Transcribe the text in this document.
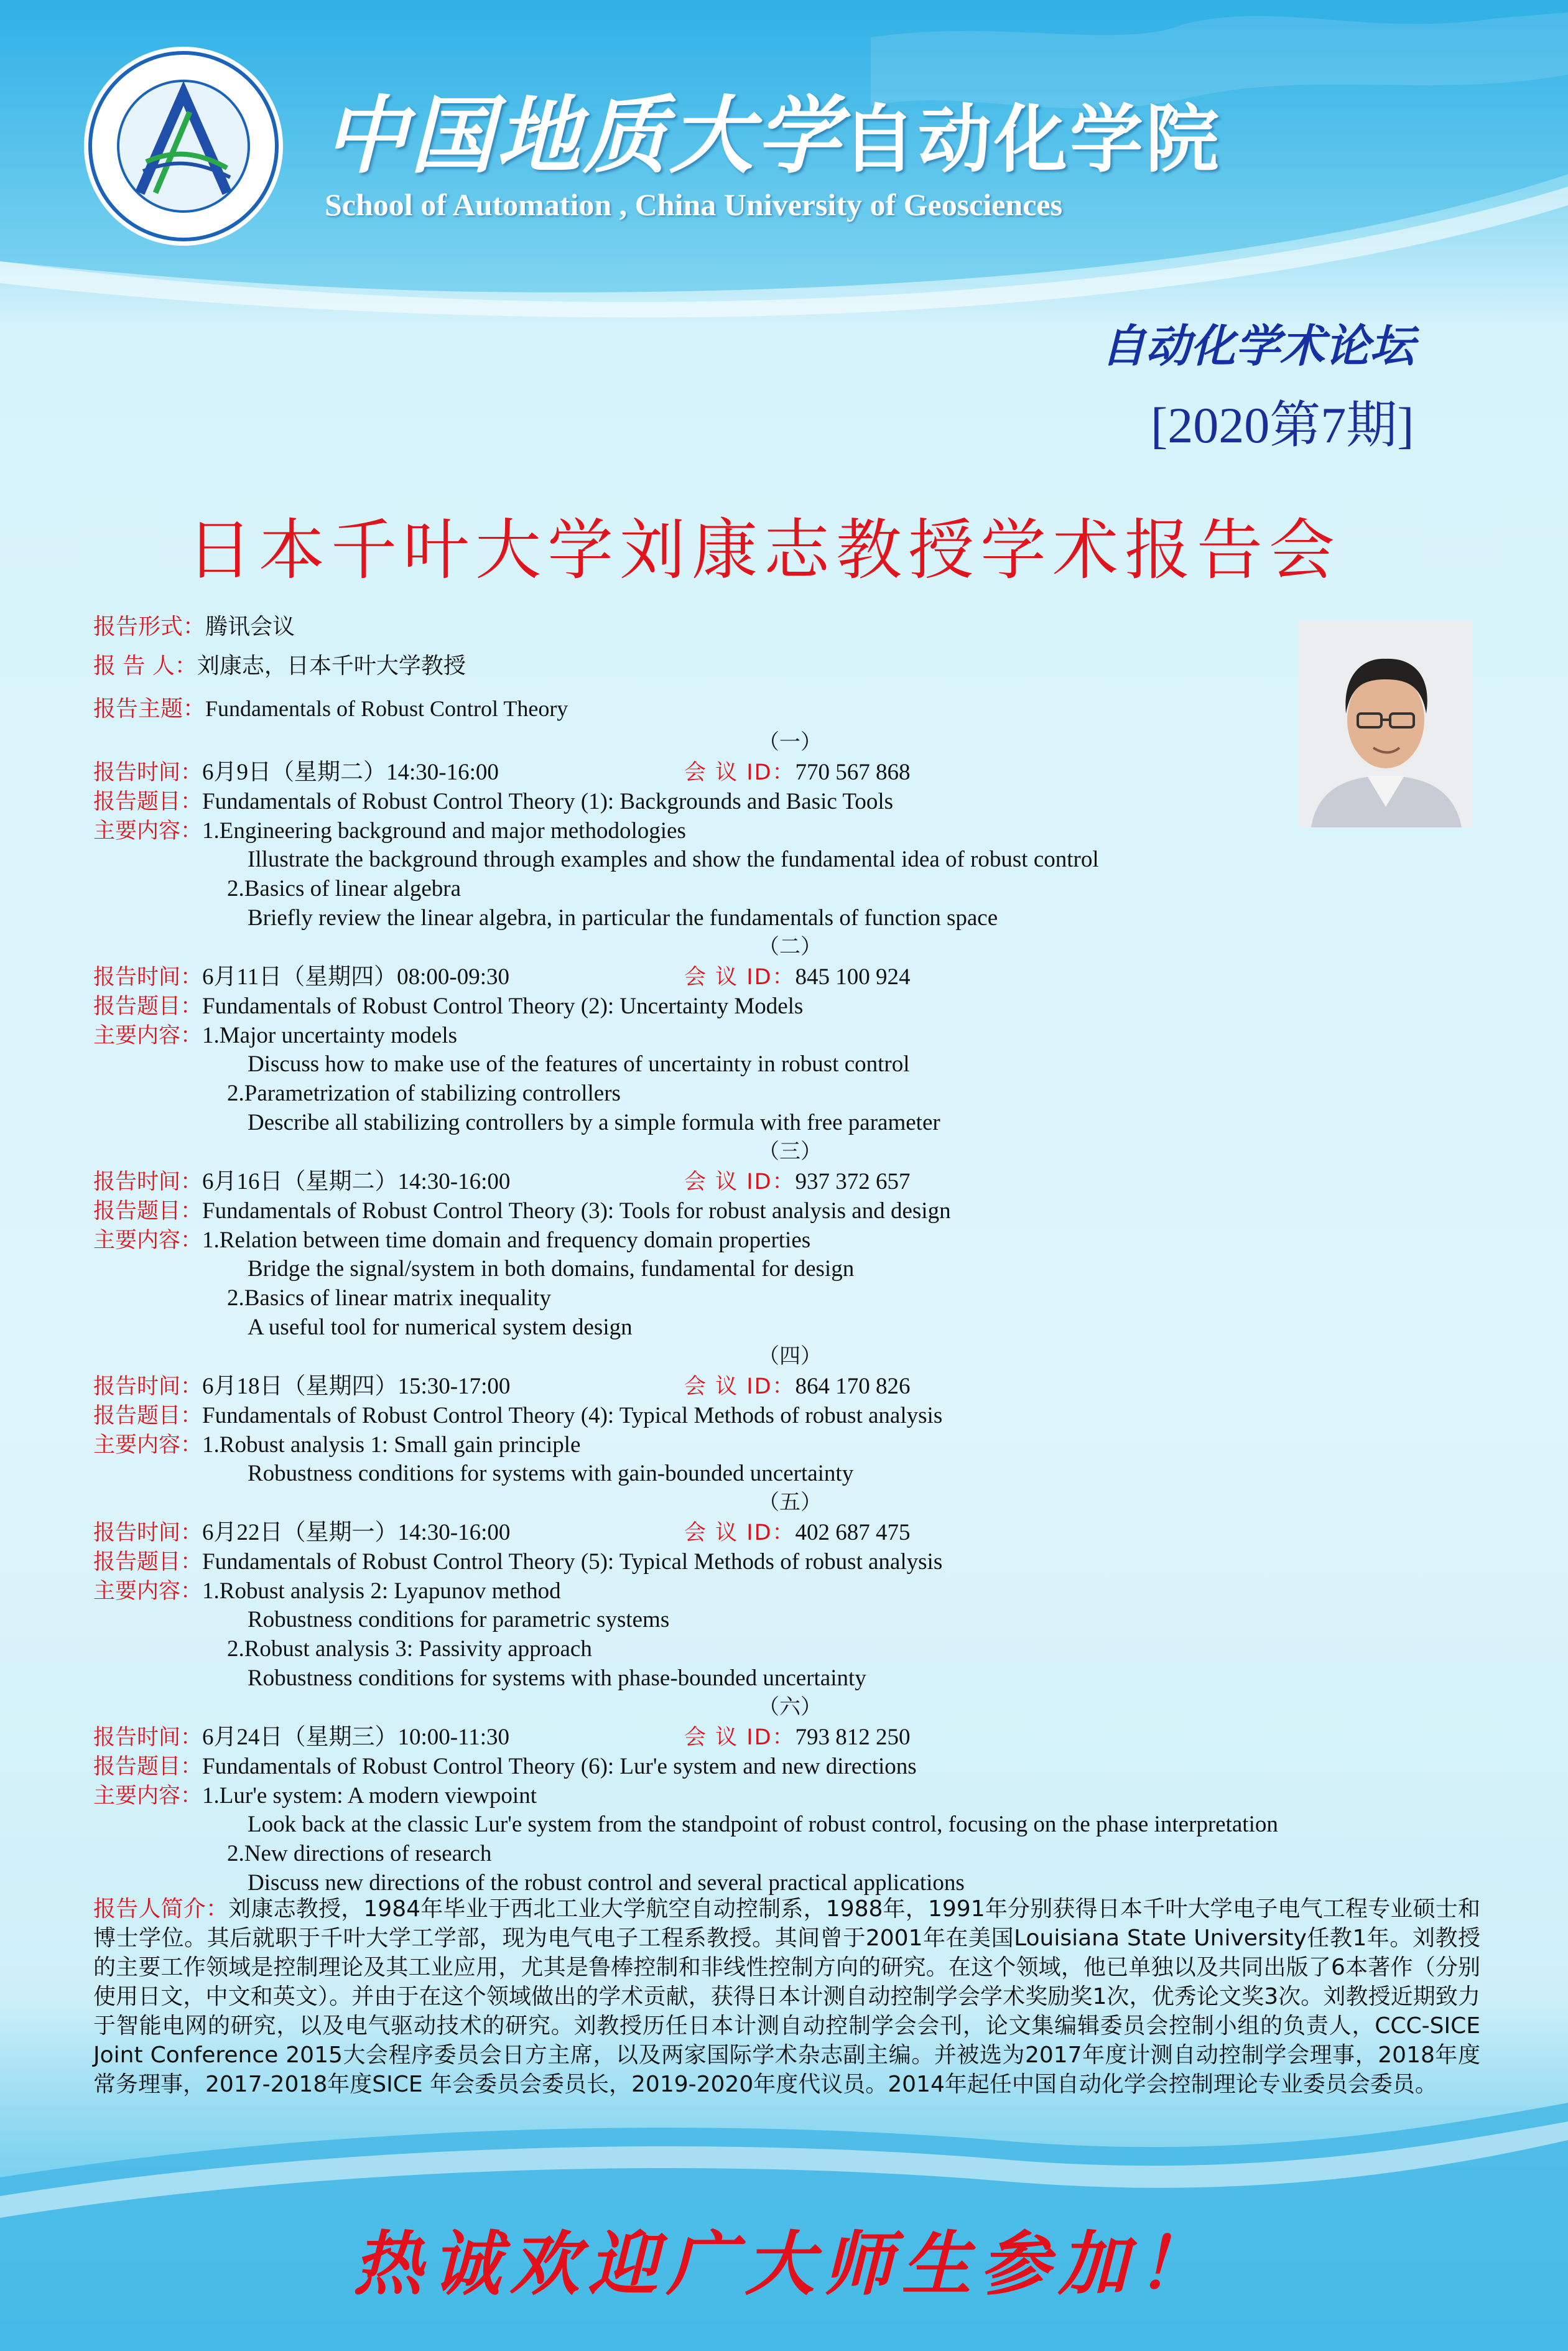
中国地质大学自动化学院
School of Automation , China University of Geosciences
自动化学术论坛
[2020第7期]
日本千叶大学刘康志教授学术报告会
报告形式：腾讯会议
报 告 人：刘康志，日本千叶大学教授
报告主题：Fundamentals of Robust Control Theory
（一）
报告时间：6月9日（星期二）14:30-16:00	会 议 ID：770 567 868
报告题目：Fundamentals of Robust Control Theory (1): Backgrounds and Basic Tools
主要内容：1.Engineering background and major methodologies
Illustrate the background through examples and show the fundamental idea of robust control
2.Basics of linear algebra
Briefly review the linear algebra, in particular the fundamentals of function space
（二）
报告时间：6月11日（星期四）08:00-09:30	会 议 ID：845 100 924
报告题目：Fundamentals of Robust Control Theory (2): Uncertainty Models
主要内容：1.Major uncertainty models
Discuss how to make use of the features of uncertainty in robust control
2.Parametrization of stabilizing controllers
Describe all stabilizing controllers by a simple formula with free parameter
（三）
报告时间：6月16日（星期二）14:30-16:00	会 议 ID：937 372 657
报告题目：Fundamentals of Robust Control Theory (3): Tools for robust analysis and design
主要内容：1.Relation between time domain and frequency domain properties
Bridge the signal/system in both domains, fundamental for design
2.Basics of linear matrix inequality
A useful tool for numerical system design
（四）
报告时间：6月18日（星期四）15:30-17:00	会 议 ID：864 170 826
报告题目：Fundamentals of Robust Control Theory (4): Typical Methods of robust analysis
主要内容：1.Robust analysis 1: Small gain principle
Robustness conditions for systems with gain-bounded uncertainty
（五）
报告时间：6月22日（星期一）14:30-16:00	会 议 ID：402 687 475
报告题目：Fundamentals of Robust Control Theory (5): Typical Methods of robust analysis
主要内容：1.Robust analysis 2: Lyapunov method
Robustness conditions for parametric systems
2.Robust analysis 3: Passivity approach
Robustness conditions for systems with phase-bounded uncertainty
（六）
报告时间：6月24日（星期三）10:00-11:30	会 议 ID：793 812 250
报告题目：Fundamentals of Robust Control Theory (6): Lur'e system and new directions
主要内容：1.Lur'e system: A modern viewpoint
Look back at the classic Lur'e system from the standpoint of robust control, focusing on the phase interpretation
2.New directions of research
Discuss new directions of the robust control and several practical applications
报告人简介：刘康志教授，1984年毕业于西北工业大学航空自动控制系，1988年，1991年分别获得日本千叶大学电子电气工程专业硕士和博士学位。其后就职于千叶大学工学部，现为电气电子工程系教授。其间曾于2001年在美国Louisiana State University任教1年。刘教授的主要工作领域是控制理论及其工业应用，尤其是鲁棒控制和非线性控制方向的研究。在这个领域，他已单独以及共同出版了6本著作（分别使用日文，中文和英文）。并由于在这个领域做出的学术贡献，获得日本计测自动控制学会学术奖励奖1次，优秀论文奖3次。刘教授近期致力于智能电网的研究，以及电气驱动技术的研究。刘教授历任日本计测自动控制学会会刊，论文集编辑委员会控制小组的负责人，CCC-SICE Joint Conference 2015大会程序委员会日方主席，以及两家国际学术杂志副主编。并被选为2017年度计测自动控制学会理事，2018年度常务理事，2017-2018年度SICE 年会委员会委员长，2019-2020年度代议员。2014年起任中国自动化学会控制理论专业委员会委员。
热诚欢迎广大师生参加！
